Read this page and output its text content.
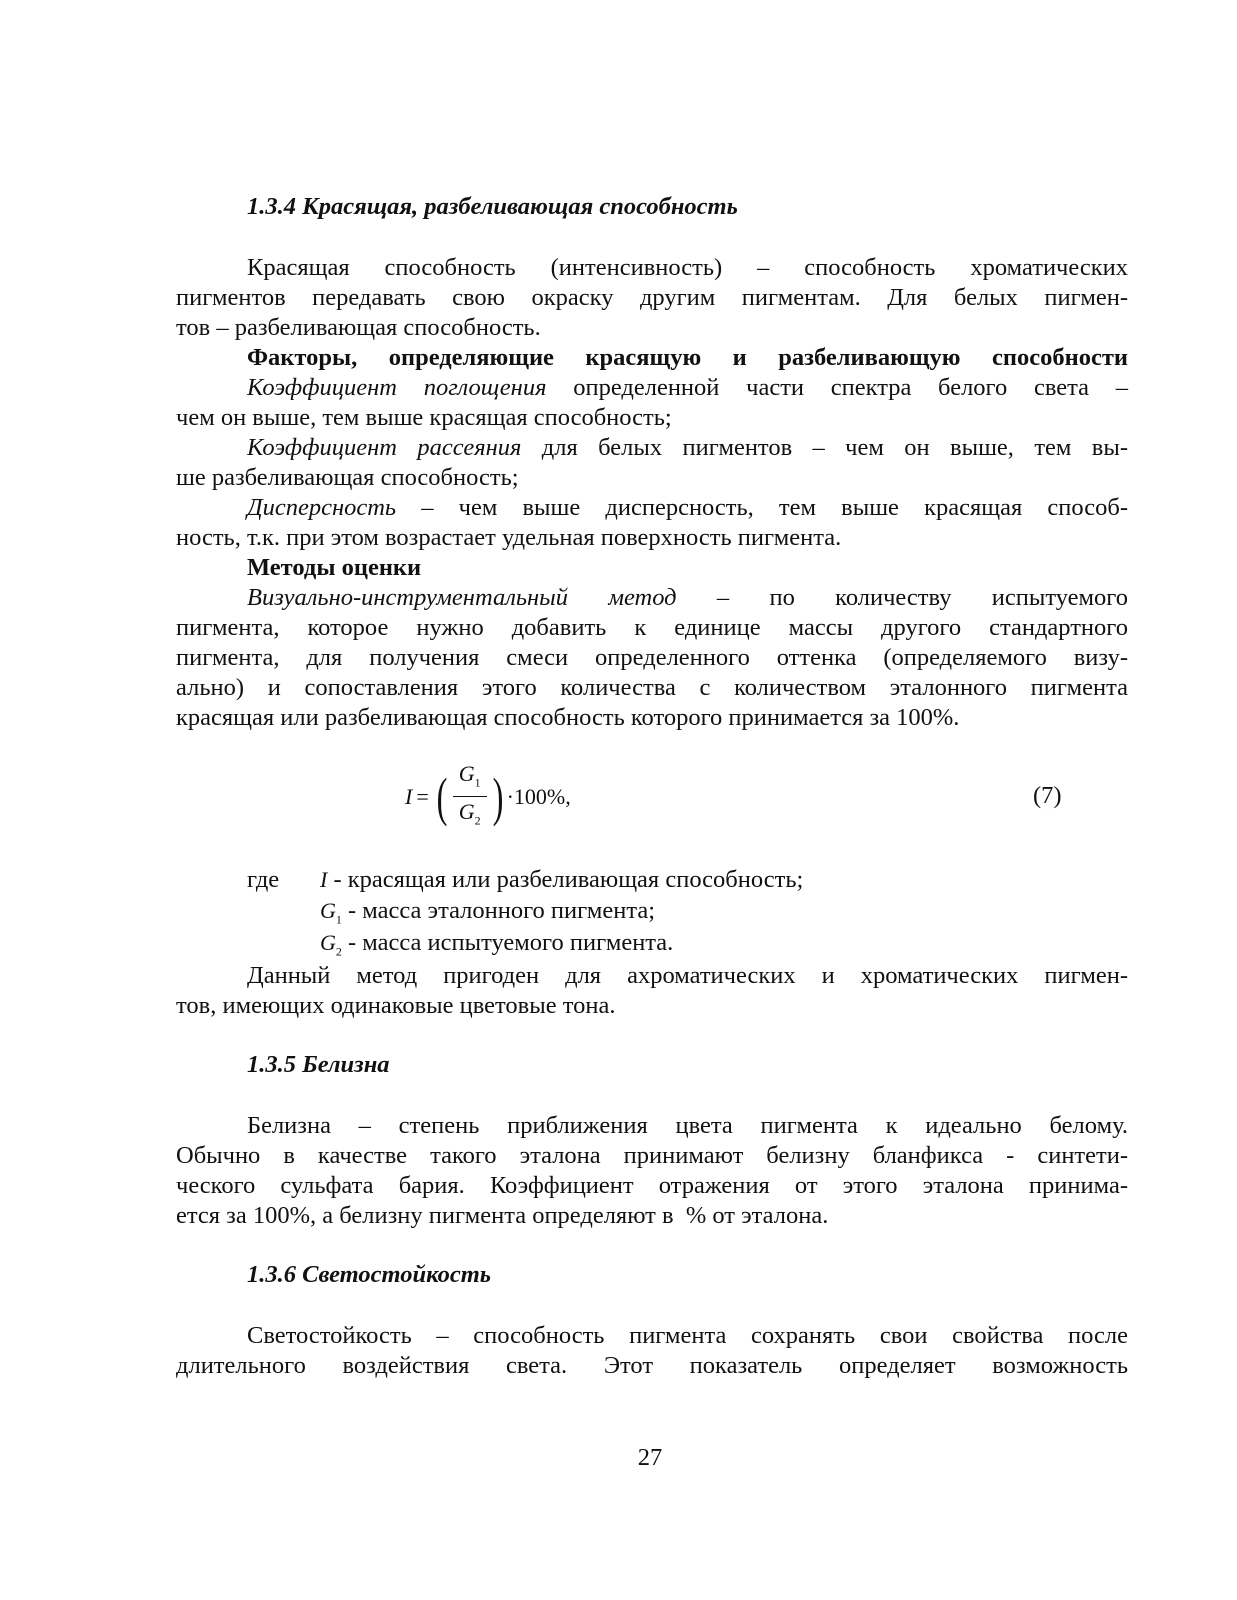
1.3.4 Красящая, разбеливающая способность
Красящая способность (интенсивность) – способность хроматических
пигментов передавать свою окраску другим пигментам. Для белых пигмен-
тов – разбеливающая способность.
Факторы, определяющие красящую и разбеливающую способности
Коэффициент поглощения определенной части спектра белого света –
чем он выше, тем выше красящая способность;
Коэффициент рассеяния для белых пигментов – чем он выше, тем вы-
ше разбеливающая способность;
Дисперсность – чем выше дисперсность, тем выше красящая способ-
ность, т.к. при этом возрастает удельная поверхность пигмента.
Методы оценки
Визуально-инструментальный метод – по количеству испытуемого
пигмента, которое нужно добавить к единице массы другого стандартного
пигмента, для получения смеси определенного оттенка (определяемого визу-
ально) и сопоставления этого количества с количеством эталонного пигмента
красящая или разбеливающая способность которого принимается за 100%.
I = ( $\frac{G_1}{G_2}$ ) ·100% ,	(7)
где I - красящая или разбеливающая способность;
$G_1$ - масса эталонного пигмента;
$G_2$ - масса испытуемого пигмента.
Данный метод пригоден для ахроматических и хроматических пигмен-
тов, имеющих одинаковые цветовые тона.
1.3.5 Белизна
Белизна – степень приближения цвета пигмента к идеально белому.
Обычно в качестве такого эталона принимают белизну бланфикса - синтети-
ческого сульфата бария. Коэффициент отражения от этого эталона принима-
ется за 100%, а белизну пигмента определяют в  % от эталона.
1.3.6 Светостойкость
Светостойкость – способность пигмента сохранять свои свойства после
длительного воздействия света. Этот показатель определяет возможность
27
